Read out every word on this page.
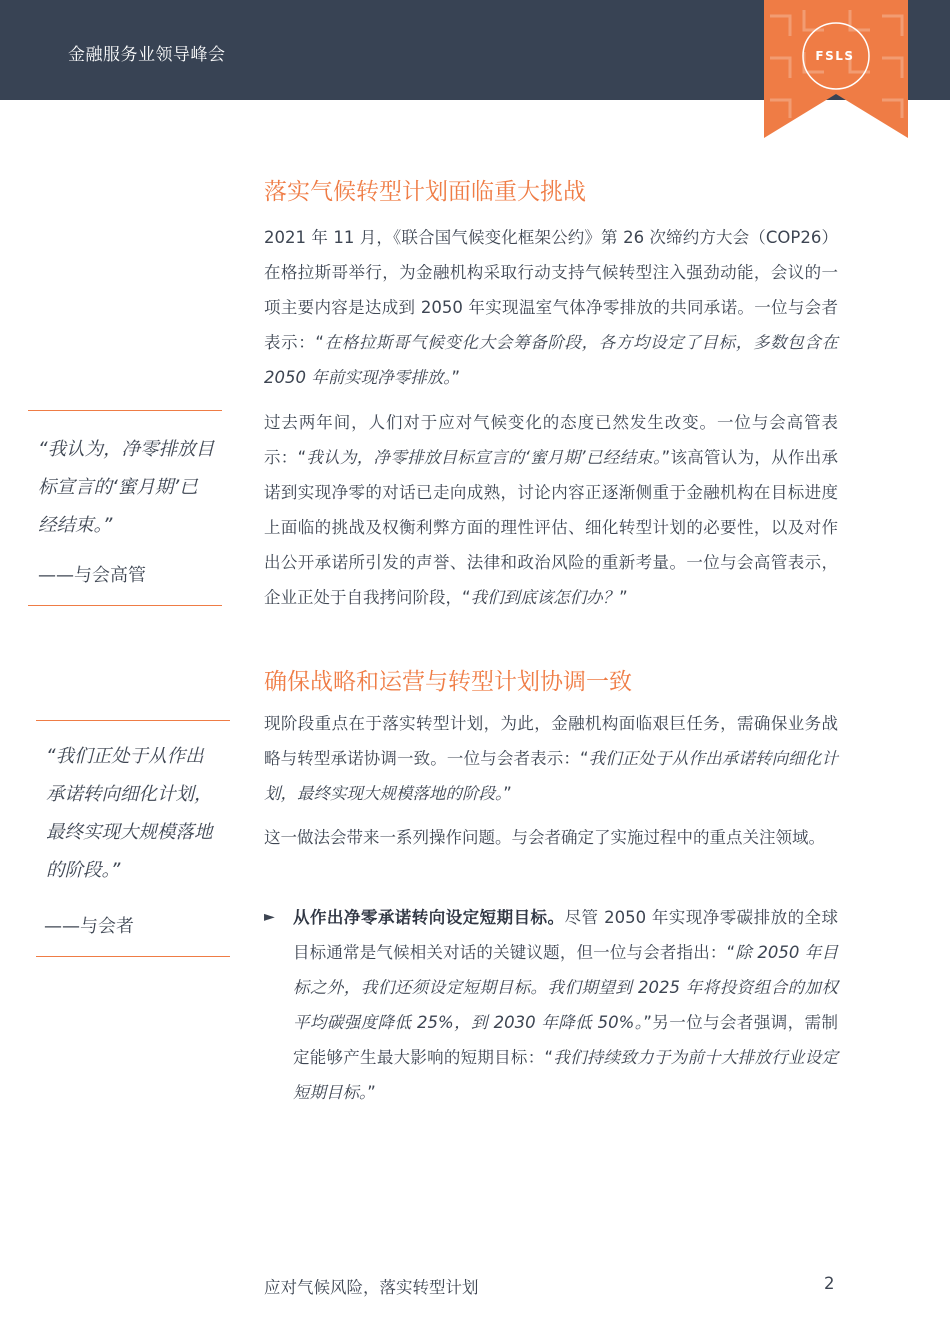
金融服务业领导峰会	FSLS
落实气候转型计划面临重大挑战

2021 年 11 月，《联合国气候变化框架公约》第 26 次缔约方大会（COP26）在格拉斯哥举行，为金融机构采取行动支持气候转型注入强劲动能，会议的一项主要内容是达成到 2050 年实现温室气体净零排放的共同承诺。一位与会者表示：“在格拉斯哥气候变化大会筹备阶段，各方均设定了目标，多数包含在 2050 年前实现净零排放。”

过去两年间，人们对于应对气候变化的态度已然发生改变。一位与会高管表示：“我认为，净零排放目标宣言的‘蜜月期’已经结束。”该高管认为，从作出承诺到实现净零的对话已走向成熟，讨论内容正逐渐侧重于金融机构在目标进度上面临的挑战及权衡利弊方面的理性评估、细化转型计划的必要性，以及对作出公开承诺所引发的声誉、法律和政治风险的重新考量。一位与会高管表示，企业正处于自我拷问阶段，“我们到底该怎们办？”

确保战略和运营与转型计划协调一致

现阶段重点在于落实转型计划，为此，金融机构面临艰巨任务，需确保业务战略与转型承诺协调一致。一位与会者表示：“我们正处于从作出承诺转向细化计划，最终实现大规模落地的阶段。”

这一做法会带来一系列操作问题。与会者确定了实施过程中的重点关注领域。

► 从作出净零承诺转向设定短期目标。尽管 2050 年实现净零碳排放的全球目标通常是气候相关对话的关键议题，但一位与会者指出：“除 2050 年目标之外，我们还须设定短期目标。我们期望到 2025 年将投资组合的加权平均碳强度降低 25%，到 2030 年降低 50%。”另一位与会者强调，需制定能够产生最大影响的短期目标：“我们持续致力于为前十大排放行业设定短期目标。”

“我认为，净零排放目标宣言的‘蜜月期’已经结束。”
——与会高管
“我们正处于从作出承诺转向细化计划，最终实现大规模落地的阶段。”
——与会者
应对气候风险，落实转型计划	2
